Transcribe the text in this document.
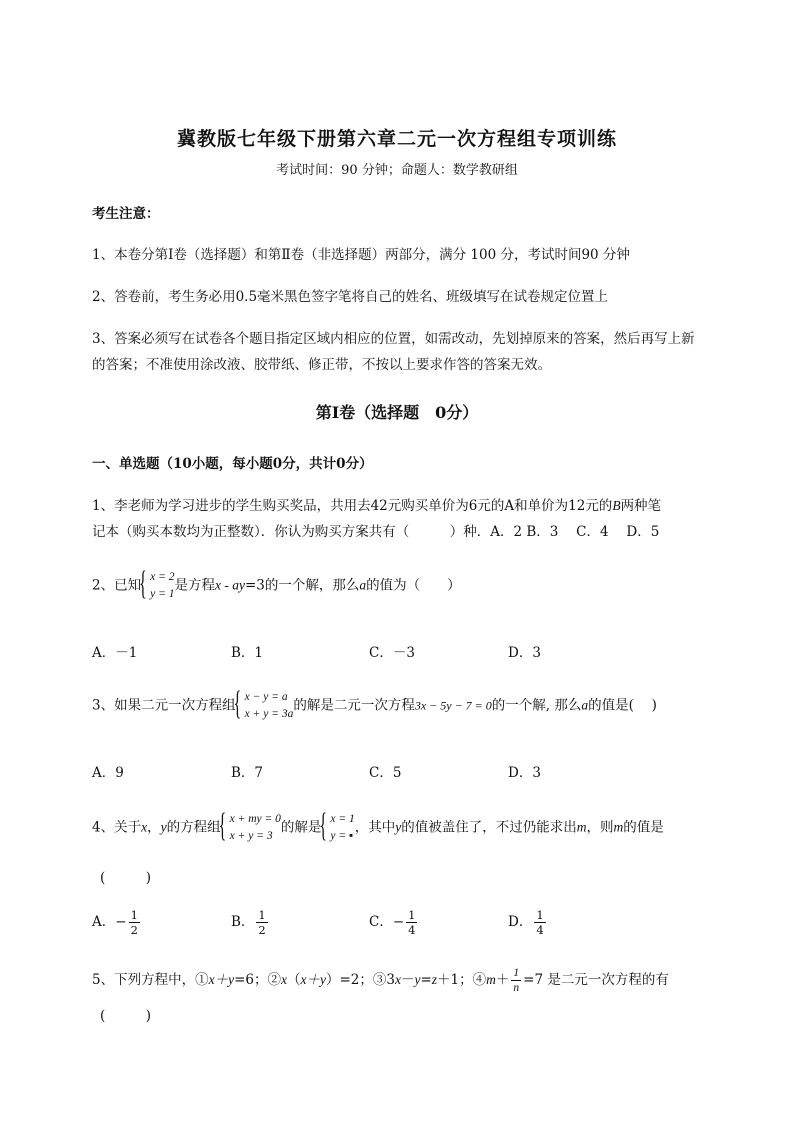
冀教版七年级下册第六章二元一次方程组专项训练
考试时间：90 分钟；命题人：数学教研组
考生注意：
1、本卷分第Ⅰ卷（选择题）和第Ⅱ卷（非选择题）两部分，满分 100 分，考试时间90 分钟
2、答卷前，考生务必用0.5毫米黑色签字笔将自己的姓名、班级填写在试卷规定位置上
3、答案必须写在试卷各个题目指定区域内相应的位置，如需改动，先划掉原来的答案，然后再写上新
的答案；不准使用涂改液、胶带纸、修正带，不按以上要求作答的答案无效。
第Ⅰ卷（选择题　0分）
一、单选题（10小题，每小题0分，共计0分）
1、李老师为学习进步的学生购买奖品，共用去42元购买单价为6元的A和单价为12元的B两种笔
记本（购买本数均为正整数）．你认为购买方案共有（　　　）种．A．2 B．3　 C．4　 D．5
2、已知
{ x = 2
y = 1
是方程x - ay=3的一个解，那么a的值为（　　）
A．－1	B．1	C．－3	D．3
3、如果二元一次方程组
{ x − y = a
x + y = 3a
的解是二元一次方程3x − 5y − 7 = 0的一个解, 那么a的值是(　 )
A．9	B．7	C．5	D．3
4、关于x，y的方程组
{ x + my = 0
x + y = 3
的解是
{ x = 1
y = ▪
，其中y的值被盖住了，不过仍能求出m，则m的值是
(　　　)
A．− $\frac{1}{2}$	B． $\frac{1}{2}$	C．− $\frac{1}{4}$	D． $\frac{1}{4}$
5、下列方程中，①x＋y=6；②x（x＋y）=2；③3x－y=z＋1；④m＋ $\frac{1}{n} =7$ 是二元一次方程的有
(　　　)
